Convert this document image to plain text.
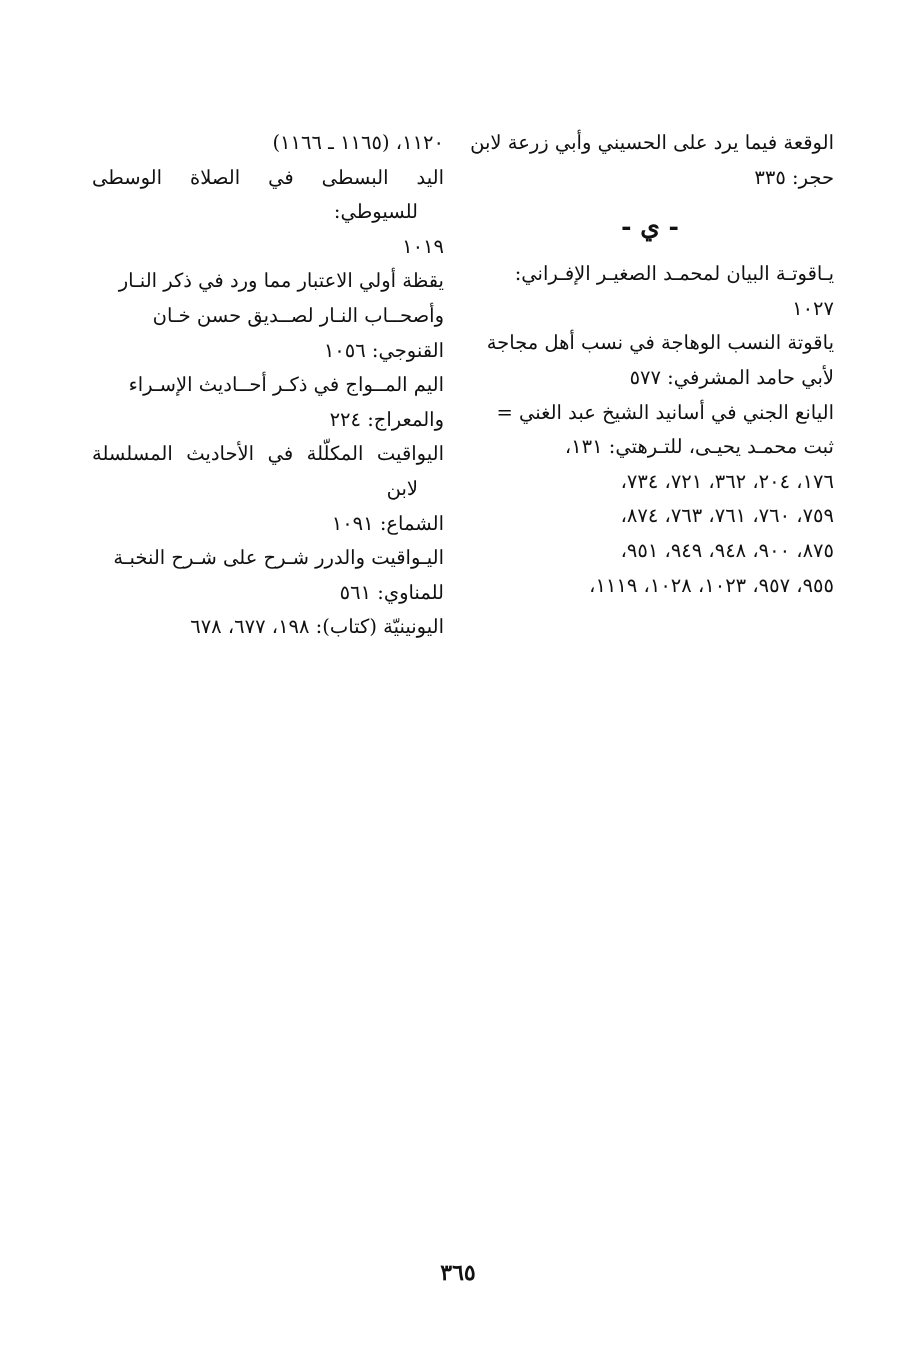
الوقعة فيما يرد على الحسيني وأبي زرعة لابن
حجر: ٣٣٥

- ي -

يـاقوتـة البيان لمحمـد الصغيـر الإفـراني:
١٠٢٧

ياقوتة النسب الوهاجة في نسب أهل مجاجة
لأبي حامد المشرفي: ٥٧٧

اليانع الجني في أسانيد الشيخ عبد الغني =
ثبت محمـد يحيـى، للتـرهتي: ١٣١،
١٧٦، ٢٠٤، ٣٦٢، ٧٢١، ٧٣٤،
٧٥٩، ٧٦٠، ٧٦١، ٧٦٣، ٨٧٤،
٨٧٥، ٩٠٠، ٩٤٨، ٩٤٩، ٩٥١،
٩٥٥، ٩٥٧، ١٠٢٣، ١٠٢٨، ١١١٩،

١١٢٠، (١١٦٥ ـ ١١٦٦)

اليد البسطى في الصلاة الوسطى للسيوطي:
١٠١٩

يقظة أولي الاعتبار مما ورد في ذكر النـار
وأصحــاب النـار لصــديق حسن خـان
القنوجي: ١٠٥٦

اليم المــواج في ذكـر أحــاديث الإسـراء
والمعراج: ٢٢٤

اليواقيت المكلّلة في الأحاديث المسلسلة لابن
الشماع: ١٠٩١

اليـواقيت والدرر شـرح على شـرح النخبـة
للمناوي: ٥٦١

اليونينيّة (كتاب): ١٩٨، ٦٧٧، ٦٧٨

٣٦٥
